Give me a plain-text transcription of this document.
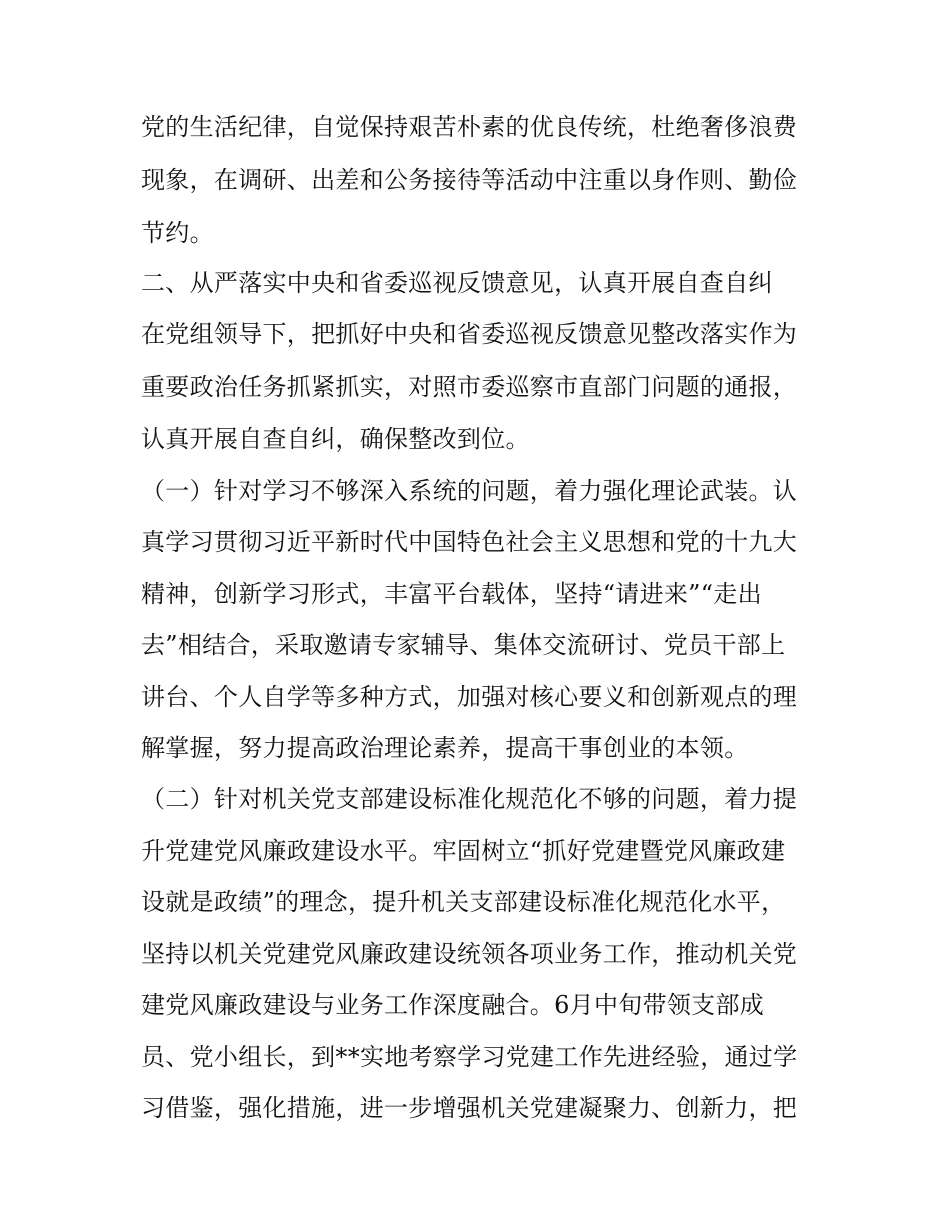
党的生活纪律，自觉保持艰苦朴素的优良传统，杜绝奢侈浪费
现象，在调研、出差和公务接待等活动中注重以身作则、勤俭
节约。
二、从严落实中央和省委巡视反馈意见，认真开展自查自纠
在党组领导下，把抓好中央和省委巡视反馈意见整改落实作为
重要政治任务抓紧抓实，对照市委巡察市直部门问题的通报，
认真开展自查自纠，确保整改到位。
（一）针对学习不够深入系统的问题，着力强化理论武装。认
真学习贯彻习近平新时代中国特色社会主义思想和党的十九大
精神，创新学习形式，丰富平台载体，坚持“请进来”“走出
去”相结合，采取邀请专家辅导、集体交流研讨、党员干部上
讲台、个人自学等多种方式，加强对核心要义和创新观点的理
解掌握，努力提高政治理论素养，提高干事创业的本领。
（二）针对机关党支部建设标准化规范化不够的问题，着力提
升党建党风廉政建设水平。牢固树立“抓好党建暨党风廉政建
设就是政绩”的理念，提升机关支部建设标准化规范化水平，
坚持以机关党建党风廉政建设统领各项业务工作，推动机关党
建党风廉政建设与业务工作深度融合。6月中旬带领支部成
员、党小组长，到**实地考察学习党建工作先进经验，通过学
习借鉴，强化措施，进一步增强机关党建凝聚力、创新力，把
